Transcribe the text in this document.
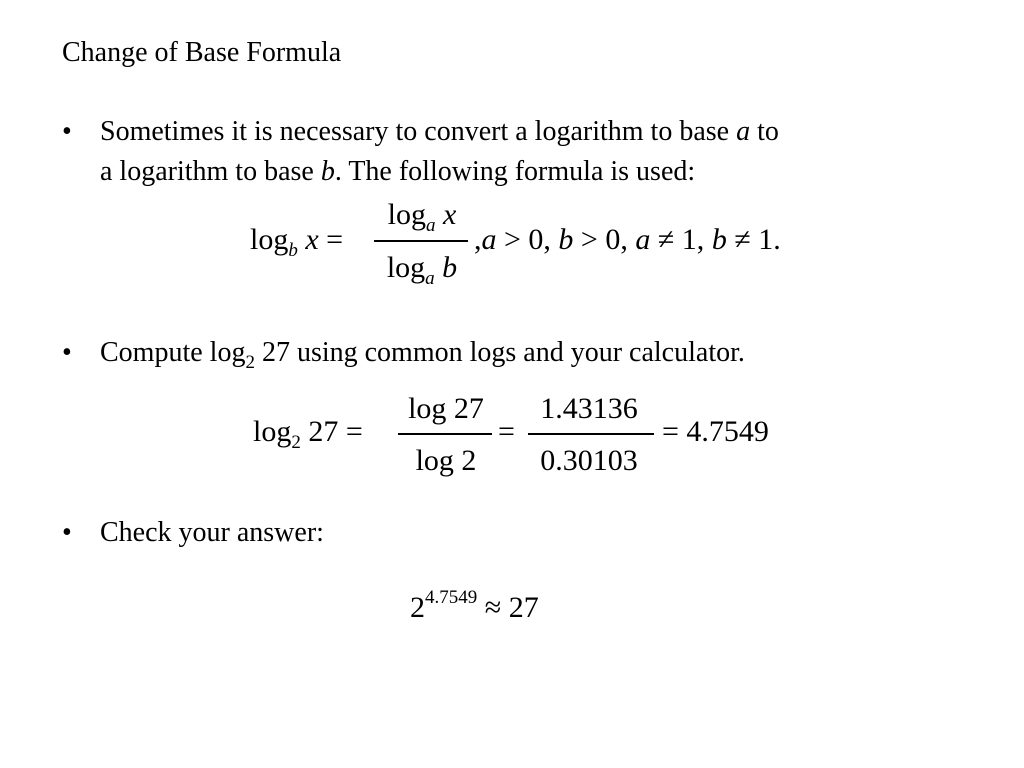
Change of Base Formula
• Sometimes it is necessary to convert a logarithm to base a to
a logarithm to base b. The following formula is used:
$\log_b x$ =
$\log_a x$
$\log_a b$
,a > 0, b > 0, a ≠ 1, b ≠ 1.
• Compute $\log_2 27$ using common logs and your calculator.
$\log_2 27$ =
log 27
log 2
=
1.43136
0.30103
= 4.7549
• Check your answer:
$2^{4.7549} \approx 27$
